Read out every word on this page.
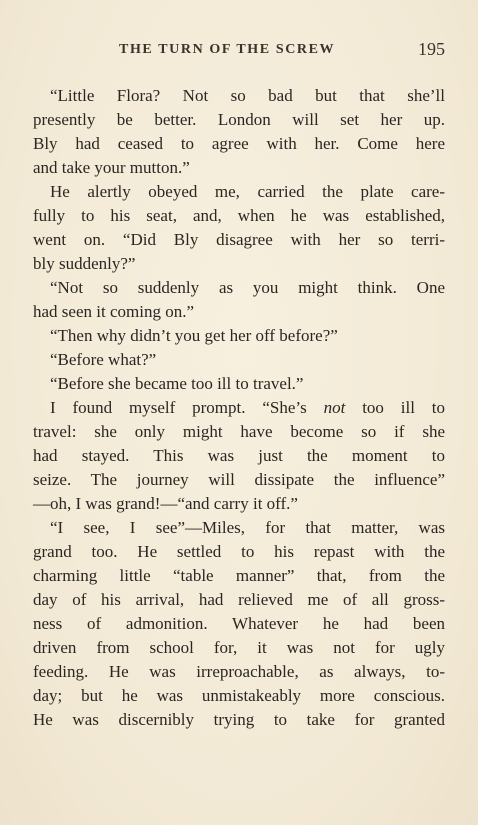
THE TURN OF THE SCREW	195
“Little Flora? Not so bad but that she’ll
presently be better. London will set her up.
Bly had ceased to agree with her. Come here
and take your mutton.”
He alertly obeyed me, carried the plate care-
fully to his seat, and, when he was established,
went on. “Did Bly disagree with her so terri-
bly suddenly?”
“Not so suddenly as you might think. One
had seen it coming on.”
“Then why didn’t you get her off before?”
“Before what?”
“Before she became too ill to travel.”
I found myself prompt. “She’s not too ill to
travel: she only might have become so if she
had stayed. This was just the moment to
seize. The journey will dissipate the influence”
—oh, I was grand!—“and carry it off.”
“I see, I see”—Miles, for that matter, was
grand too. He settled to his repast with the
charming little “table manner” that, from the
day of his arrival, had relieved me of all gross-
ness of admonition. Whatever he had been
driven from school for, it was not for ugly
feeding. He was irreproachable, as always, to-
day; but he was unmistakeably more conscious.
He was discernibly trying to take for granted
